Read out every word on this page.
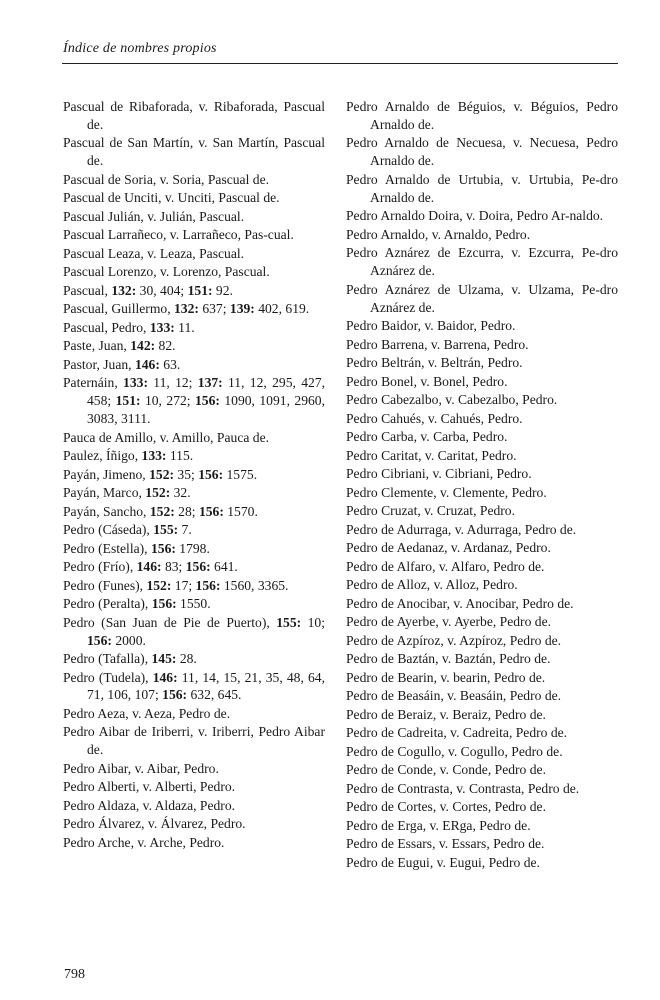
Índice de nombres propios
Pascual de Ribaforada, v. Ribaforada, Pascual de.
Pascual de San Martín, v. San Martín, Pascual de.
Pascual de Soria, v. Soria, Pascual de.
Pascual de Unciti, v. Unciti, Pascual de.
Pascual Julián, v. Julián, Pascual.
Pascual Larrañeco, v. Larrañeco, Pas-cual.
Pascual Leaza, v. Leaza, Pascual.
Pascual Lorenzo, v. Lorenzo, Pascual.
Pascual, 132: 30, 404; 151: 92.
Pascual, Guillermo, 132: 637; 139: 402, 619.
Pascual, Pedro, 133: 11.
Paste, Juan, 142: 82.
Pastor, Juan, 146: 63.
Paternáin, 133: 11, 12; 137: 11, 12, 295, 427, 458; 151: 10, 272; 156: 1090, 1091, 2960, 3083, 3111.
Pauca de Amillo, v. Amillo, Pauca de.
Paulez, Íñigo, 133: 115.
Payán, Jimeno, 152: 35; 156: 1575.
Payán, Marco, 152: 32.
Payán, Sancho, 152: 28; 156: 1570.
Pedro (Cáseda), 155: 7.
Pedro (Estella), 156: 1798.
Pedro (Frío), 146: 83; 156: 641.
Pedro (Funes), 152: 17; 156: 1560, 3365.
Pedro (Peralta), 156: 1550.
Pedro (San Juan de Pie de Puerto), 155: 10; 156: 2000.
Pedro (Tafalla), 145: 28.
Pedro (Tudela), 146: 11, 14, 15, 21, 35, 48, 64, 71, 106, 107; 156: 632, 645.
Pedro Aeza, v. Aeza, Pedro de.
Pedro Aibar de Iriberri, v. Iriberri, Pedro Aibar de.
Pedro Aibar, v. Aibar, Pedro.
Pedro Alberti, v. Alberti, Pedro.
Pedro Aldaza, v. Aldaza, Pedro.
Pedro Álvarez, v. Álvarez, Pedro.
Pedro Arche, v. Arche, Pedro.
Pedro Arnaldo de Béguios, v. Béguios, Pedro Arnaldo de.
Pedro Arnaldo de Necuesa, v. Necuesa, Pedro Arnaldo de.
Pedro Arnaldo de Urtubia, v. Urtubia, Pe-dro Arnaldo de.
Pedro Arnaldo Doira, v. Doira, Pedro Ar-naldo.
Pedro Arnaldo, v. Arnaldo, Pedro.
Pedro Aznárez de Ezcurra, v. Ezcurra, Pe-dro Aznárez de.
Pedro Aznárez de Ulzama, v. Ulzama, Pe-dro Aznárez de.
Pedro Baidor, v. Baidor, Pedro.
Pedro Barrena, v. Barrena, Pedro.
Pedro Beltrán, v. Beltrán, Pedro.
Pedro Bonel, v. Bonel, Pedro.
Pedro Cabezalbo, v. Cabezalbo, Pedro.
Pedro Cahués, v. Cahués, Pedro.
Pedro Carba, v. Carba, Pedro.
Pedro Caritat, v. Caritat, Pedro.
Pedro Cibriani, v. Cibriani, Pedro.
Pedro Clemente, v. Clemente, Pedro.
Pedro Cruzat, v. Cruzat, Pedro.
Pedro de Adurraga, v. Adurraga, Pedro de.
Pedro de Aedanaz, v. Ardanaz, Pedro.
Pedro de Alfaro, v. Alfaro, Pedro de.
Pedro de Alloz, v. Alloz, Pedro.
Pedro de Anocibar, v. Anocibar, Pedro de.
Pedro de Ayerbe, v. Ayerbe, Pedro de.
Pedro de Azpíroz, v. Azpíroz, Pedro de.
Pedro de Baztán, v. Baztán, Pedro de.
Pedro de Bearin, v. bearin, Pedro de.
Pedro de Beasáin, v. Beasáin, Pedro de.
Pedro de Beraiz, v. Beraiz, Pedro de.
Pedro de Cadreita, v. Cadreita, Pedro de.
Pedro de Cogullo, v. Cogullo, Pedro de.
Pedro de Conde, v. Conde, Pedro de.
Pedro de Contrasta, v. Contrasta, Pedro de.
Pedro de Cortes, v. Cortes, Pedro de.
Pedro de Erga, v. ERga, Pedro de.
Pedro de Essars, v. Essars, Pedro de.
Pedro de Eugui, v. Eugui, Pedro de.
798
